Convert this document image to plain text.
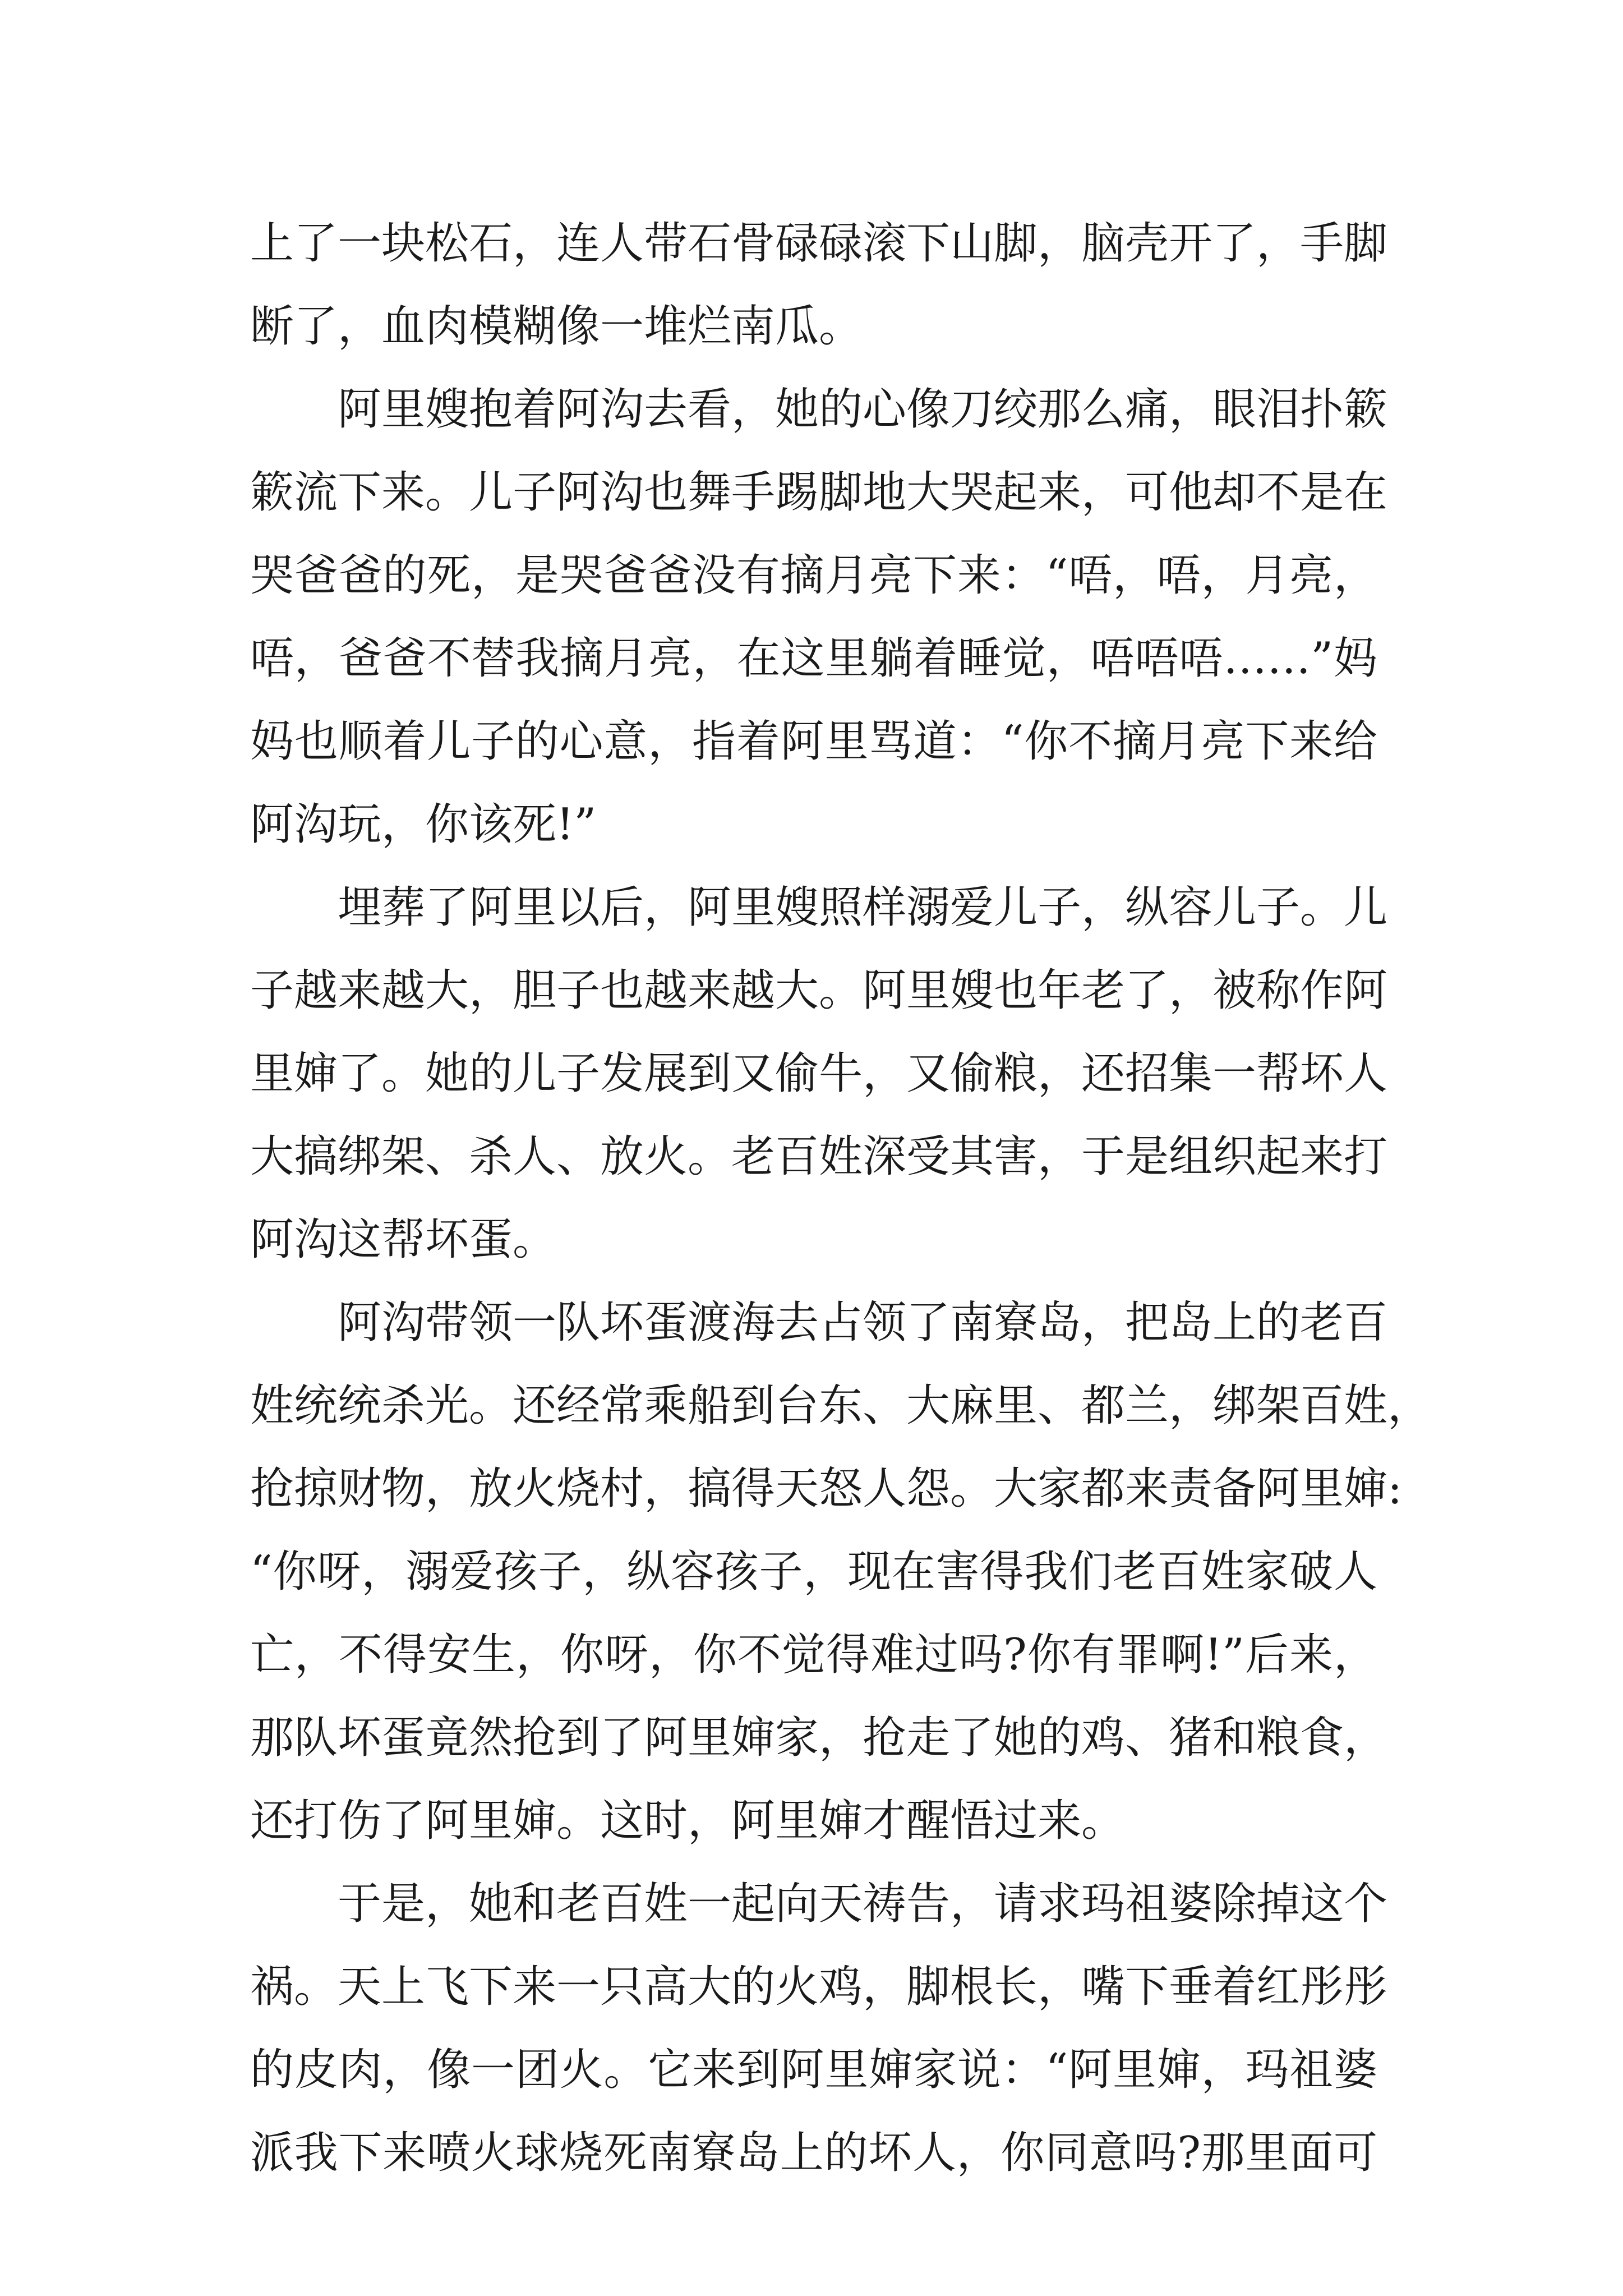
上了一块松石，连人带石骨碌碌滚下山脚，脑壳开了，手脚
断了，血肉模糊像一堆烂南瓜。
阿里嫂抱着阿沟去看，她的心像刀绞那么痛，眼泪扑簌
簌流下来。儿子阿沟也舞手踢脚地大哭起来，可他却不是在
哭爸爸的死，是哭爸爸没有摘月亮下来：“唔，唔，月亮，
唔，爸爸不替我摘月亮，在这里躺着睡觉，唔唔唔……”妈
妈也顺着儿子的心意，指着阿里骂道：“你不摘月亮下来给
阿沟玩，你该死!”
埋葬了阿里以后，阿里嫂照样溺爱儿子，纵容儿子。儿
子越来越大，胆子也越来越大。阿里嫂也年老了，被称作阿
里婶了。她的儿子发展到又偷牛，又偷粮，还招集一帮坏人
大搞绑架、杀人、放火。老百姓深受其害，于是组织起来打
阿沟这帮坏蛋。
阿沟带领一队坏蛋渡海去占领了南寮岛，把岛上的老百
姓统统杀光。还经常乘船到台东、大麻里、都兰，绑架百姓，
抢掠财物，放火烧村，搞得天怒人怨。大家都来责备阿里婶:
“你呀，溺爱孩子，纵容孩子，现在害得我们老百姓家破人
亡，不得安生，你呀，你不觉得难过吗?你有罪啊!”后来，
那队坏蛋竟然抢到了阿里婶家，抢走了她的鸡、猪和粮食，
还打伤了阿里婶。这时，阿里婶才醒悟过来。
于是，她和老百姓一起向天祷告，请求玛祖婆除掉这个
祸。天上飞下来一只高大的火鸡，脚根长，嘴下垂着红彤彤
的皮肉，像一团火。它来到阿里婶家说：“阿里婶，玛祖婆
派我下来喷火球烧死南寮岛上的坏人，你同意吗?那里面可
